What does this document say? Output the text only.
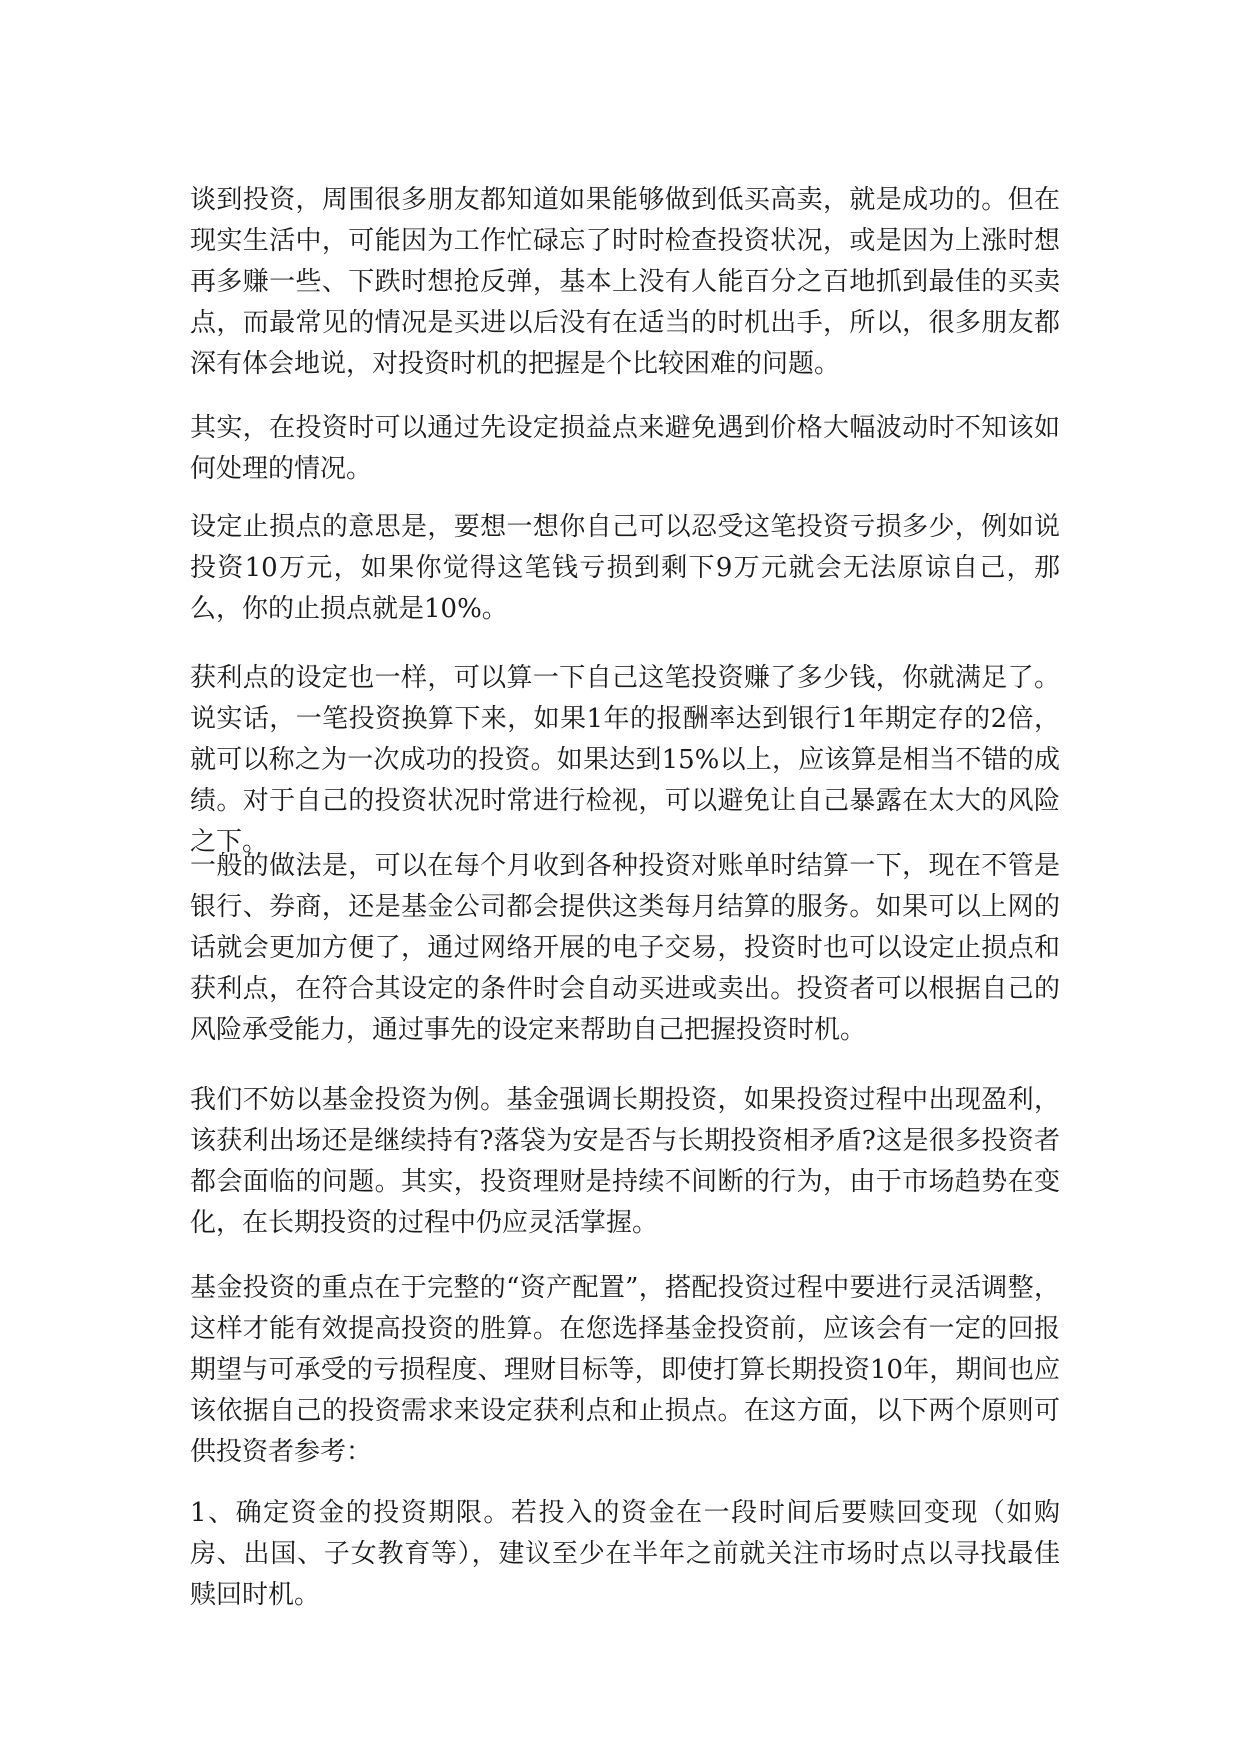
谈到投资，周围很多朋友都知道如果能够做到低买高卖，就是成功的。但在现实生活中，可能因为工作忙碌忘了时时检查投资状况，或是因为上涨时想再多赚一些、下跌时想抢反弹，基本上没有人能百分之百地抓到最佳的买卖点，而最常见的情况是买进以后没有在适当的时机出手，所以，很多朋友都深有体会地说，对投资时机的把握是个比较困难的问题。

其实，在投资时可以通过先设定损益点来避免遇到价格大幅波动时不知该如何处理的情况。

设定止损点的意思是，要想一想你自己可以忍受这笔投资亏损多少，例如说投资10万元，如果你觉得这笔钱亏损到剩下9万元就会无法原谅自己，那么，你的止损点就是10%。

获利点的设定也一样，可以算一下自己这笔投资赚了多少钱，你就满足了。说实话，一笔投资换算下来，如果1年的报酬率达到银行1年期定存的2倍，就可以称之为一次成功的投资。如果达到15%以上，应该算是相当不错的成绩。对于自己的投资状况时常进行检视，可以避免让自己暴露在太大的风险之下。

一般的做法是，可以在每个月收到各种投资对账单时结算一下，现在不管是银行、券商，还是基金公司都会提供这类每月结算的服务。如果可以上网的话就会更加方便了，通过网络开展的电子交易，投资时也可以设定止损点和获利点，在符合其设定的条件时会自动买进或卖出。投资者可以根据自己的风险承受能力，通过事先的设定来帮助自己把握投资时机。

我们不妨以基金投资为例。基金强调长期投资，如果投资过程中出现盈利，该获利出场还是继续持有?落袋为安是否与长期投资相矛盾?这是很多投资者都会面临的问题。其实，投资理财是持续不间断的行为，由于市场趋势在变化，在长期投资的过程中仍应灵活掌握。

基金投资的重点在于完整的“资产配置”，搭配投资过程中要进行灵活调整，这样才能有效提高投资的胜算。在您选择基金投资前，应该会有一定的回报期望与可承受的亏损程度、理财目标等，即使打算长期投资10年，期间也应该依据自己的投资需求来设定获利点和止损点。在这方面，以下两个原则可供投资者参考：

1、确定资金的投资期限。若投入的资金在一段时间后要赎回变现（如购房、出国、子女教育等），建议至少在半年之前就关注市场时点以寻找最佳赎回时机。
